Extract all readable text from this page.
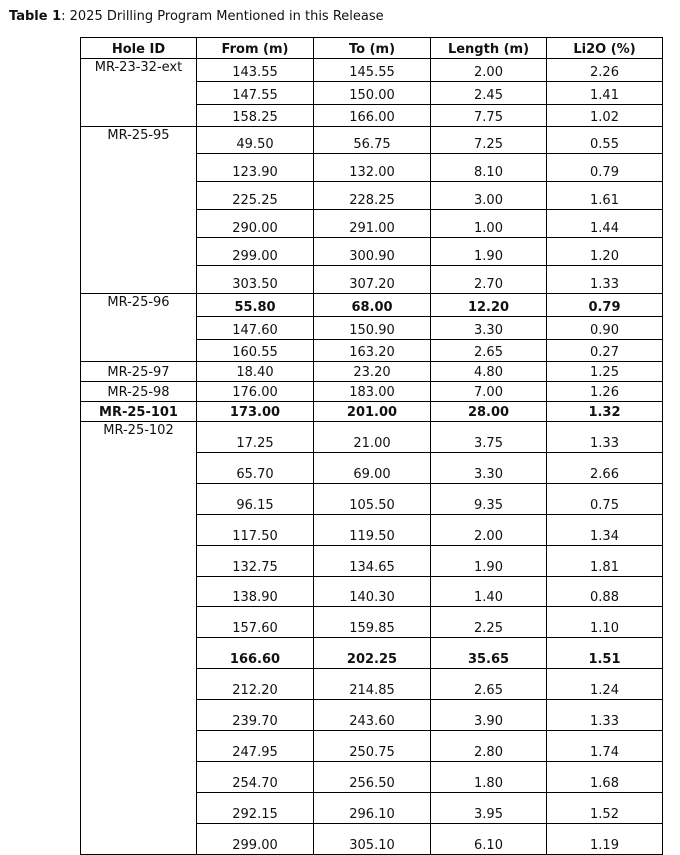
Table 1: 2025 Drilling Program Mentioned in this Release
Hole ID	From (m)	To (m)	Length (m)	Li2O (%)
MR-23-32-ext	143.55	145.55	2.00	2.26
	147.55	150.00	2.45	1.41
	158.25	166.00	7.75	1.02
MR-25-95	49.50	56.75	7.25	0.55
	123.90	132.00	8.10	0.79
	225.25	228.25	3.00	1.61
	290.00	291.00	1.00	1.44
	299.00	300.90	1.90	1.20
	303.50	307.20	2.70	1.33
MR-25-96	55.80	68.00	12.20	0.79
	147.60	150.90	3.30	0.90
	160.55	163.20	2.65	0.27
MR-25-97	18.40	23.20	4.80	1.25
MR-25-98	176.00	183.00	7.00	1.26
MR-25-101	173.00	201.00	28.00	1.32
MR-25-102	17.25	21.00	3.75	1.33
	65.70	69.00	3.30	2.66
	96.15	105.50	9.35	0.75
	117.50	119.50	2.00	1.34
	132.75	134.65	1.90	1.81
	138.90	140.30	1.40	0.88
	157.60	159.85	2.25	1.10
	166.60	202.25	35.65	1.51
	212.20	214.85	2.65	1.24
	239.70	243.60	3.90	1.33
	247.95	250.75	2.80	1.74
	254.70	256.50	1.80	1.68
	292.15	296.10	3.95	1.52
	299.00	305.10	6.10	1.19
